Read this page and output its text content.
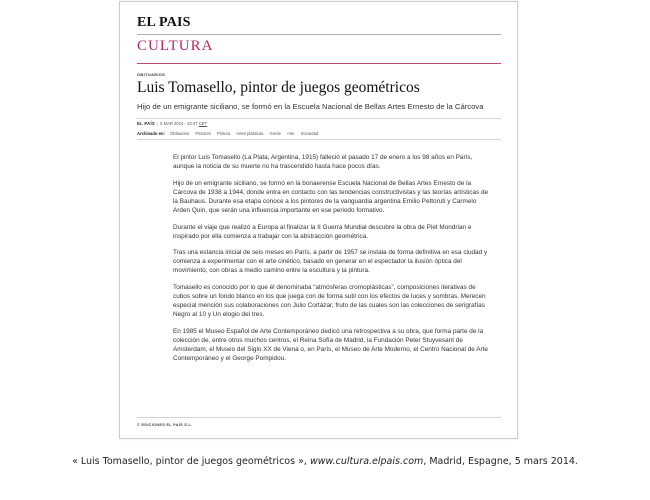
EL PAIS
CULTURA
OBITUARIOS
Luis Tomasello, pintor de juegos geométricos
Hijo de un emigrante siciliano, se formó en la Escuela Nacional de Bellas Artes Ernesto de la Cárcova
EL PAÍS | 5 MAR 2014 - 23:47 CET
Archivado en: Obituarios Pintores Pintura Artes plásticas Gente Arte Sociedad

El pintor Luis Tomasello (La Plata, Argentina, 1915) falleció el pasado 17 de enero a los 98 años en París, aunque la noticia de su muerte no ha trascendido hasta hace pocos días.

Hijo de un emigrante siciliano, se formó en la bonaerense Escuela Nacional de Bellas Artes Ernesto de la Cárcova de 1938 a 1944, donde entra en contacto con las tendencias constructivistas y las teorías artísticas de la Bauhaus. Durante esa etapa conoce a los pintores de la vanguardia argentina Emilio Pettoruti y Carmelo Arden Quin, que serán una influencia importante en ese periodo formativo.

Durante el viaje que realizó a Europa al finalizar la II Guerra Mundial descubre la obra de Piet Mondrian e inspirado por ella comienza a trabajar con la abstracción geométrica.

Tras una estancia inicial de seis meses en París, a partir de 1957 se instala de forma definitiva en esa ciudad y comienza a experimentar con el arte cinético, basado en generar en el espectador la ilusión óptica del movimiento, con obras a medio camino entre la escultura y la pintura.

Tomasello es conocido por lo que él denominaba “atmósferas cromoplásticas”, composiciones iterativas de cubos sobre un fondo blanco en los que juega con de forma sutil con los efectos de luces y sombras. Merecen especial mención sus colaboraciones con Julio Cortázar, fruto de las cuales son las colecciones de serigrafías Negro al 10 y Un elogio del tres.

En 1985 el Museo Español de Arte Contemporáneo dedicó una retrospectiva a su obra, que forma parte de la colección de, entre otros muchos centros, el Reina Sofía de Madrid, la Fundación Peter Stuyvesant de Amsterdam, el Museo del Siglo XX de Viena o, en París, el Museo de Arte Moderno, el Centro Nacional de Arte Contemporáneo y el George Pompidou.

© EDICIONES EL PAÍS S.L.
« Luis Tomasello, pintor de juegos geométricos », www.cultura.elpais.com, Madrid, Espagne, 5 mars 2014.
